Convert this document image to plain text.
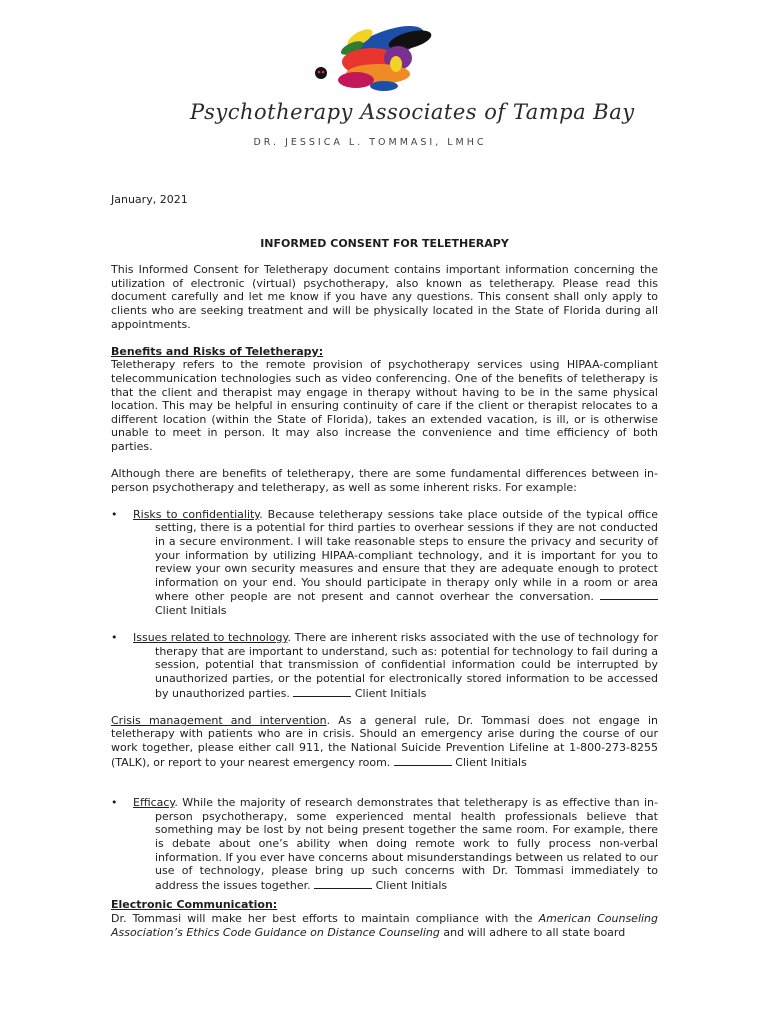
Psychotherapy Associates of Tampa Bay
DR. JESSICA L. TOMMASI, LMHC

January, 2021

INFORMED CONSENT FOR TELETHERAPY

This Informed Consent for Teletherapy document contains important information concerning the utilization of electronic (virtual) psychotherapy, also known as teletherapy. Please read this document carefully and let me know if you have any questions. This consent shall only apply to clients who are seeking treatment and will be physically located in the State of Florida during all appointments.

Benefits and Risks of Teletherapy:

Teletherapy refers to the remote provision of psychotherapy services using HIPAA-compliant telecommunication technologies such as video conferencing. One of the benefits of teletherapy is that the client and therapist may engage in therapy without having to be in the same physical location. This may be helpful in ensuring continuity of care if the client or therapist relocates to a different location (within the State of Florida), takes an extended vacation, is ill, or is otherwise unable to meet in person. It may also increase the convenience and time efficiency of both parties.

Although there are benefits of teletherapy, there are some fundamental differences between in-person psychotherapy and teletherapy, as well as some inherent risks. For example:

•	Risks to confidentiality. Because teletherapy sessions take place outside of the typical office setting, there is a potential for third parties to overhear sessions if they are not conducted in a secure environment. I will take reasonable steps to ensure the privacy and security of your information by utilizing HIPAA-compliant technology, and it is important for you to review your own security measures and ensure that they are adequate enough to protect information on your end. You should participate in therapy only while in a room or area where other people are not present and cannot overhear the conversation.  Client Initials

•	Issues related to technology. There are inherent risks associated with the use of technology for therapy that are important to understand, such as: potential for technology to fail during a session, potential that transmission of confidential information could be interrupted by unauthorized parties, or the potential for electronically stored information to be accessed by unauthorized parties.	Client Initials

Crisis management and intervention. As a general rule, Dr. Tommasi does not engage in teletherapy with patients who are in crisis. Should an emergency arise during the course of our work together, please either call 911, the National Suicide Prevention Lifeline at 1-800-273-8255 (TALK), or report to your nearest emergency room.	Client Initials

•	Efficacy. While the majority of research demonstrates that teletherapy is as effective than in-person psychotherapy, some experienced mental health professionals believe that something may be lost by not being present together the same room. For example, there is debate about one’s ability when doing remote work to fully process non-verbal information. If you ever have concerns about misunderstandings between us related to our use of technology, please bring up such concerns with Dr. Tommasi immediately to address the issues together.	Client Initials

Electronic Communication:

Dr. Tommasi will make her best efforts to maintain compliance with the American Counseling Association’s Ethics Code Guidance on Distance Counseling and will adhere to all state board
